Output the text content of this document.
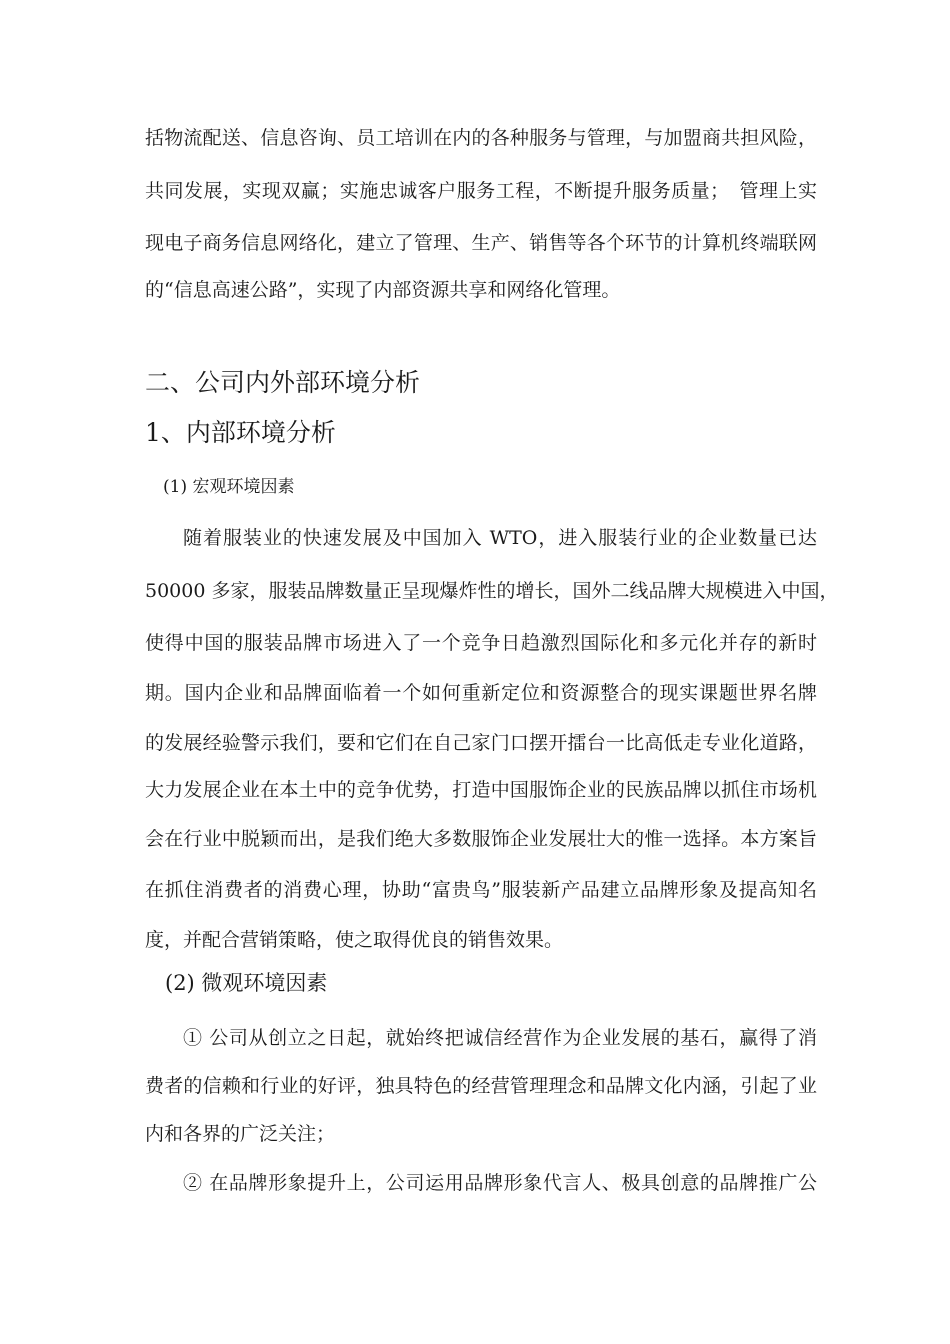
括物流配送、信息咨询、员工培训在内的各种服务与管理，与加盟商共担风险，
共同发展，实现双赢；实施忠诚客户服务工程，不断提升服务质量；　管理上实
现电子商务信息网络化，建立了管理、生产、销售等各个环节的计算机终端联网
的“信息高速公路”，实现了内部资源共享和网络化管理。
二、公司内外部环境分析
1、内部环境分析
(1) 宏观环境因素
随着服装业的快速发展及中国加入 WTO，进入服装行业的企业数量已达
50000 多家，服装品牌数量正呈现爆炸性的增长，国外二线品牌大规模进入中国，
使得中国的服装品牌市场进入了一个竞争日趋激烈国际化和多元化并存的新时
期。国内企业和品牌面临着一个如何重新定位和资源整合的现实课题世界名牌
的发展经验警示我们，要和它们在自己家门口摆开擂台一比高低走专业化道路，
大力发展企业在本土中的竞争优势，打造中国服饰企业的民族品牌以抓住市场机
会在行业中脱颖而出，是我们绝大多数服饰企业发展壮大的惟一选择。本方案旨
在抓住消费者的消费心理，协助“富贵鸟”服装新产品建立品牌形象及提高知名
度，并配合营销策略，使之取得优良的销售效果。
(2) 微观环境因素
① 公司从创立之日起，就始终把诚信经营作为企业发展的基石，赢得了消
费者的信赖和行业的好评，独具特色的经营管理理念和品牌文化内涵，引起了业
内和各界的广泛关注；
② 在品牌形象提升上，公司运用品牌形象代言人、极具创意的品牌推广公
